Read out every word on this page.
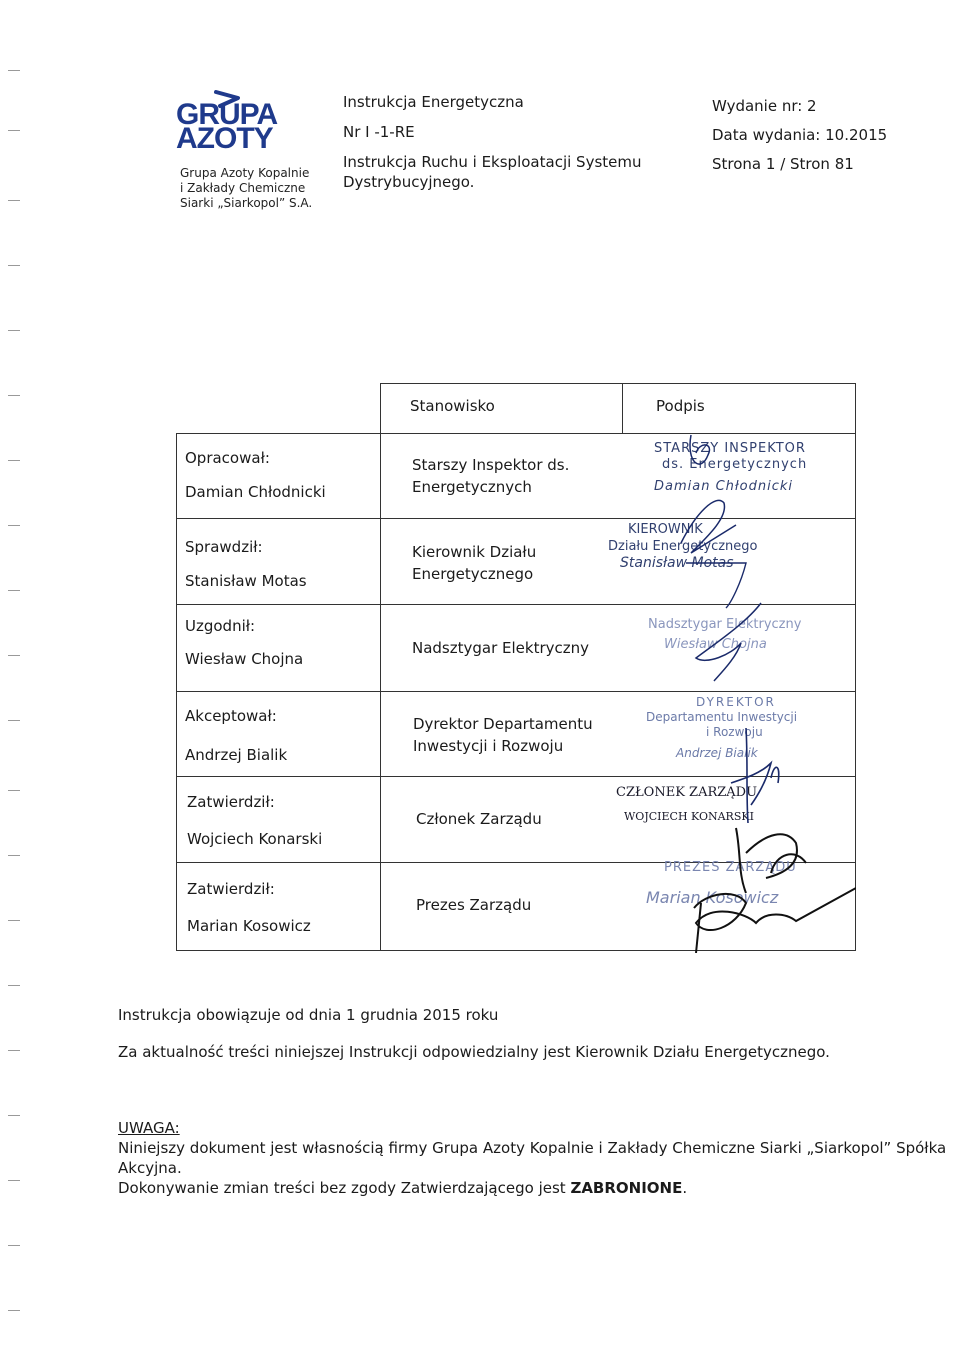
GRUPA
AZOTY
Grupa Azoty Kopalnie
i Zakłady Chemiczne
Siarki „Siarkopol” S.A.
Instrukcja Energetyczna
Nr I -1-RE
Instrukcja Ruchu i Eksploatacji Systemu
Dystrybucyjnego.
Wydanie nr: 2
Data wydania: 10.2015
Strona 1 / Stron 81
Stanowisko	Podpis
Opracował:
Damian Chłodnicki
Starszy Inspektor ds.
Energetycznych
Sprawdził:
Stanisław Motas
Kierownik Działu
Energetycznego
Uzgodnił:
Wiesław Chojna
Nadsztygar Elektryczny
Akceptował:
Andrzej Bialik
Dyrektor Departamentu
Inwestycji i Rozwoju
Zatwierdził:
Wojciech Konarski
Członek Zarządu
Zatwierdził:
Marian Kosowicz
Prezes Zarządu
STARSZY INSPEKTOR
ds. Energetycznych
Damian Chłodnicki
KIEROWNIK
Działu Energetycznego
Stanisław Motas
Nadsztygar Elektryczny
Wiesław Chojna
DYREKTOR
Departamentu Inwestycji
i Rozwoju
Andrzej Bialik
CZŁONEK ZARZĄDU
WOJCIECH KONARSKI
PREZES ZARZĄDU
Marian Kosowicz
Instrukcja obowiązuje od dnia 1 grudnia 2015 roku
Za aktualność treści niniejszej Instrukcji odpowiedzialny jest Kierownik Działu Energetycznego.
UWAGA:
Niniejszy dokument jest własnością firmy Grupa Azoty Kopalnie i Zakłady Chemiczne Siarki „Siarkopol” Spółka
Akcyjna.
Dokonywanie zmian treści bez zgody Zatwierdzającego jest ZABRONIONE.
